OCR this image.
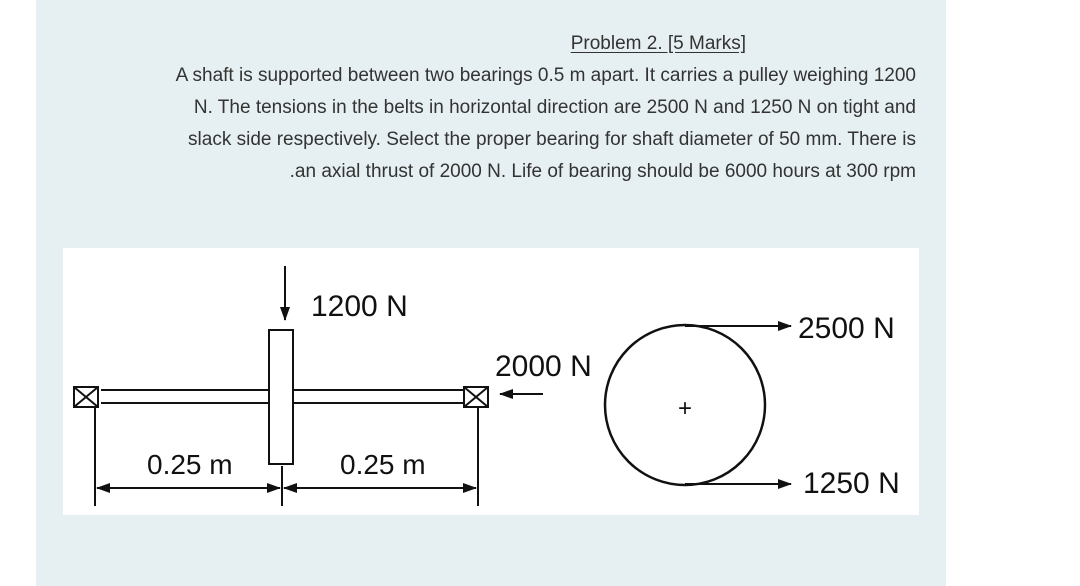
Problem 2. [5 Marks]
A shaft is supported between two bearings 0.5 m apart. It carries a pulley weighing 1200
N. The tensions in the belts in horizontal direction are 2500 N and 1250 N on tight and
slack side respectively. Select the proper bearing for shaft diameter of 50 mm. There is
.an axial thrust of 2000 N. Life of bearing should be 6000 hours at 300 rpm
1200 N
2000 N
+
2500 N
1250 N
0.25 m	0.25 m
